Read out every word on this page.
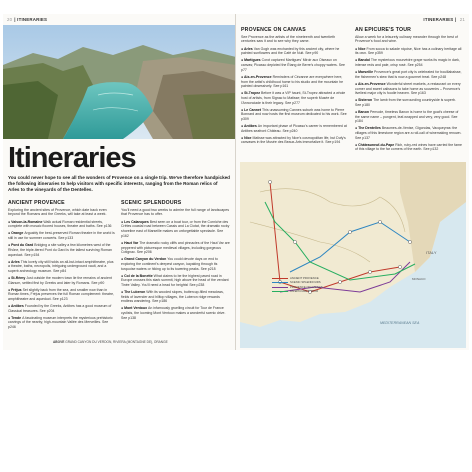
20 | ITINERARIES
Itineraries
You could never hope to see all the wonders of Provence on a single trip. We've therefore handpicked the following itineraries to help visitors with specific interests, ranging from the Roman relics of Arles to the vineyards of the Dentelles.
ANCIENT PROVENCE

Exploring the ancient sites of Provence, which date back even beyond the Romans and the Greeks, will take at least a week.

● Vaison-la-Romaine Walk actual Roman residential streets, complete with mosaic floored houses, theatre and baths. See p136

● Orange Arguably the best-preserved Roman theatre in the world is still in use for summer concerts. See p133

● Pont du Gard Bridging a site valley a few kilometres west of the Rhône, the triple-tiered Pont du Gard is the tallest surviving Roman aqueduct. See p154

● Arles This lovely city still holds an all-but-intact amphitheatre, plus a theatre, baths, necropolis, intriguing underground vault, and a superb archeology museum. See p84

● St-Rémy Just outside the modern town lie the remains of ancient Glanum, settled first by Greeks and later by Romans. See p90

● Fréjus Set slightly back from the sea, and smaller now than in Roman times, Fréjus preserves the full Roman complement: theatre, amphitheatre and aqueduct. See p123

● Antibes Founded by the Greeks, Antibes has a good museum of Classical treasures. See p204

● Tende A fascinating museum interprets the mysterious prehistoric carvings of the nearby, high-mountain Vallée des Merveilles. See p246

SCENIC SPLENDOURS

You'll need a good two weeks to admire the full range of landscapes that Provence has to offer.

● Les Calanques Best seen on a boat tour, or from the Corniche des Crêtes coastal road between Cassis and La Ciotat, the dramatic rocky shoreline east of Marseille makes an unforgettable spectacle. See p162

● Haut Var The dramatic rocky cliffs and pinnacles of the Haut Var are peppered with picturesque medieval villages, including gorgeous Cotignac. See p206

● Grand Canyon du Verdon You could devote days on end to exploring the continent's deepest canyon, kayaking through its turquoise waters or hiking up to its towering peaks. See p218

● Col de la Bonette What claims to be the highest paved road in Europe crosses this stark summit, high above the head of the verdant Tinée Valley. You'll need a head for heights! See p238

● The Luberon With its wooded slopes, buttercup-filled meadows, fields of lavender and hilltop villages, the Luberon ridge rewards endless wandering. See p186

● Mont Ventoux An infamously gruelling circuit for Tour de France cyclists, the looming Mont Ventoux makes a wonderful scenic drive. See p138

ABOVE GRAND CANYON DU VERDON, RIVIERA (MONTAGNE DE), ORANGE
ITINERARIES | 21
PROVENCE ON CANVAS

See Provence as the artists of the nineteenth and twentieth centuries saw it and to see why they came.

● Arles Van Gogh was enchanted by this ancient city, where he painted sunflowers and the Café de Nuit. See p90

● Martigues Corot captured Martigues' Miroir aux Oiseaux on canvas; Picasso depicted the Étang de Berre's choppy waters. See p77

● Aix-en-Provence Reminders of Cézanne are everywhere here, from the artist's childhood home to his studio and the mountain he painted obsessively. See p161

● St-Tropez Before it was a VIP haunt, St-Tropez attracted a whole host of artists, from Signac to Matisse; the superb Musée de l'Annonciade is their legacy. See p277

● Le Cannet This unassuming Cannes suburb was home to Pierre Bonnard and now hosts the first museum dedicated to his work. See p309

● Antibes An important phase of Picasso's career is remembered at Antibes seafront Château. See p240

● Nice Matisse was attracted by Nice's cosmopolitan life, but Dufy's canvases in the Musée des Beaux-Arts immortalize it. See p194

AN EPICURE'S TOUR

Allow a week for a leisurely culinary meander through the best of Provence's food and wine.

● Nice From socca to salade niçoise, Nice has a culinary heritage all its own. See p359

● Bandol The mysterious mourvèdre grape works its magic in dark, intense reds and pale, crisp rosé. See p254

● Marseille Provence's great port city is celebrated for bouillabaisse, the fishermen's stew that is now a gourmet treat. See p248

● Aix-en-Provence Wonderful street markets, a restaurant on every corner and sweet calissons to take home as souvenirs – Provence's liveliest major city is foodie heaven. See p163

● Sisteron The lamb from the surrounding countryside is superb. See p180

● Banon Pernode, timeless Banon is home to the goat's cheese of the same name – pungent, leaf-wrapped and very, very good. See p184

● The Dentelles Beaumes-de-Venise, Gigondas, Vacqueyras: the villages of this limestone region are a roll-call of winemaking renown. See p137

● Châteauneuf-du-Pape Rich, ruby-red wines have carried the fame of this village to the far corners of the earth. See p132

ITALY
MONACO
MEDITERRANEAN SEA
ANCIENT PROVENCE
SCENIC SPLENDOURS
PROVENCE ON CANVAS
AN EPICURE'S TOUR
